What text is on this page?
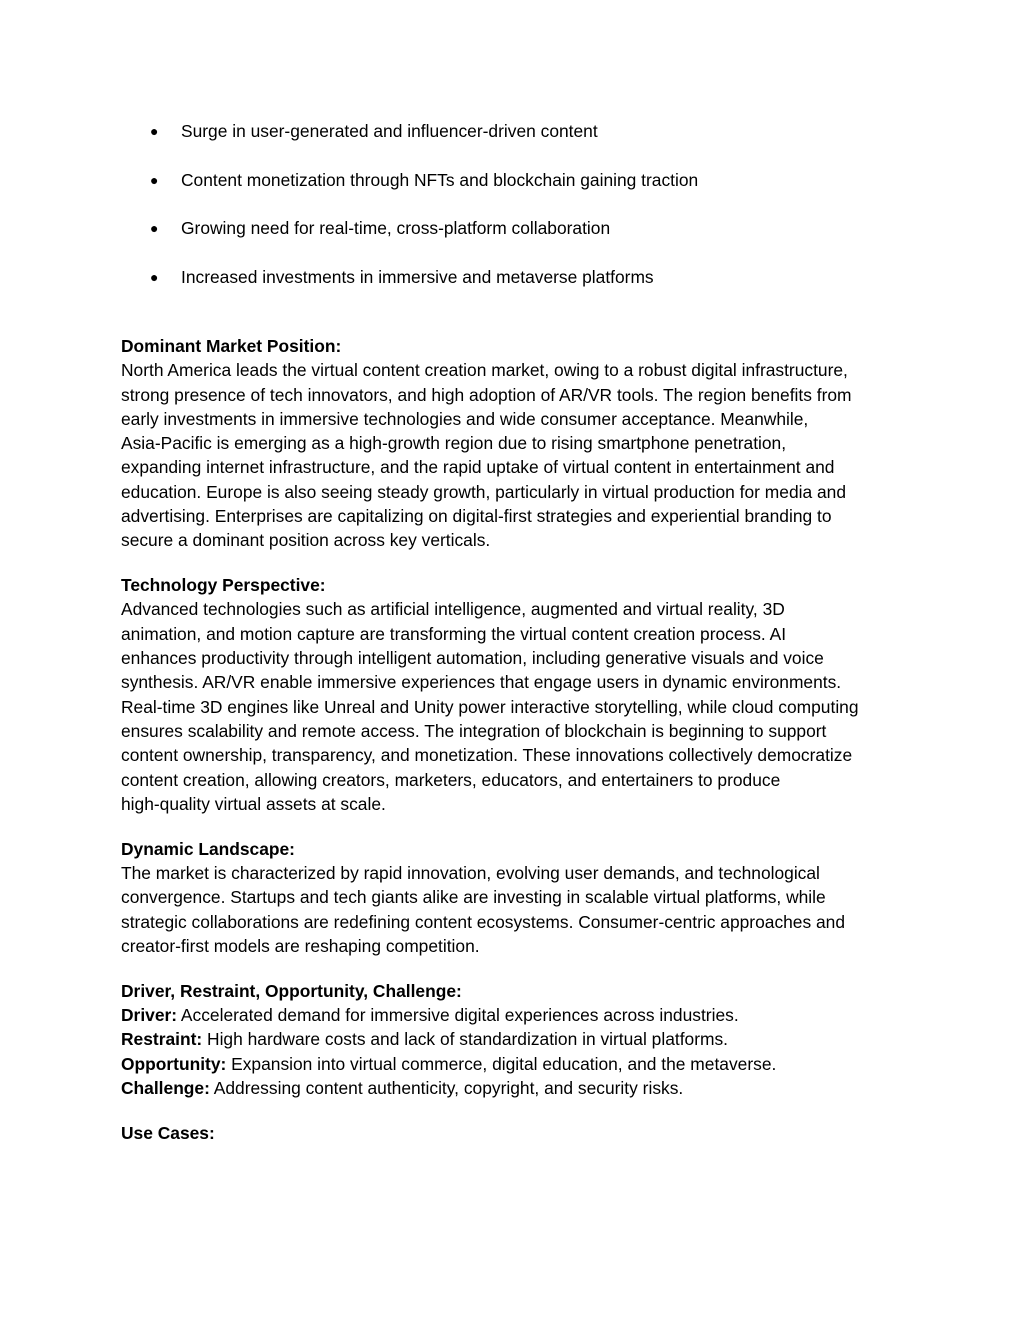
● Surge in user-generated and influencer-driven content
● Content monetization through NFTs and blockchain gaining traction
● Growing need for real-time, cross-platform collaboration
● Increased investments in immersive and metaverse platforms
Dominant Market Position:
North America leads the virtual content creation market, owing to a robust digital infrastructure,
strong presence of tech innovators, and high adoption of AR/VR tools. The region benefits from
early investments in immersive technologies and wide consumer acceptance. Meanwhile,
Asia-Pacific is emerging as a high-growth region due to rising smartphone penetration,
expanding internet infrastructure, and the rapid uptake of virtual content in entertainment and
education. Europe is also seeing steady growth, particularly in virtual production for media and
advertising. Enterprises are capitalizing on digital-first strategies and experiential branding to
secure a dominant position across key verticals.
Technology Perspective:
Advanced technologies such as artificial intelligence, augmented and virtual reality, 3D
animation, and motion capture are transforming the virtual content creation process. AI
enhances productivity through intelligent automation, including generative visuals and voice
synthesis. AR/VR enable immersive experiences that engage users in dynamic environments.
Real-time 3D engines like Unreal and Unity power interactive storytelling, while cloud computing
ensures scalability and remote access. The integration of blockchain is beginning to support
content ownership, transparency, and monetization. These innovations collectively democratize
content creation, allowing creators, marketers, educators, and entertainers to produce
high-quality virtual assets at scale.
Dynamic Landscape:
The market is characterized by rapid innovation, evolving user demands, and technological
convergence. Startups and tech giants alike are investing in scalable virtual platforms, while
strategic collaborations are redefining content ecosystems. Consumer-centric approaches and
creator-first models are reshaping competition.
Driver, Restraint, Opportunity, Challenge:
Driver: Accelerated demand for immersive digital experiences across industries.
Restraint: High hardware costs and lack of standardization in virtual platforms.
Opportunity: Expansion into virtual commerce, digital education, and the metaverse.
Challenge: Addressing content authenticity, copyright, and security risks.
Use Cases:
